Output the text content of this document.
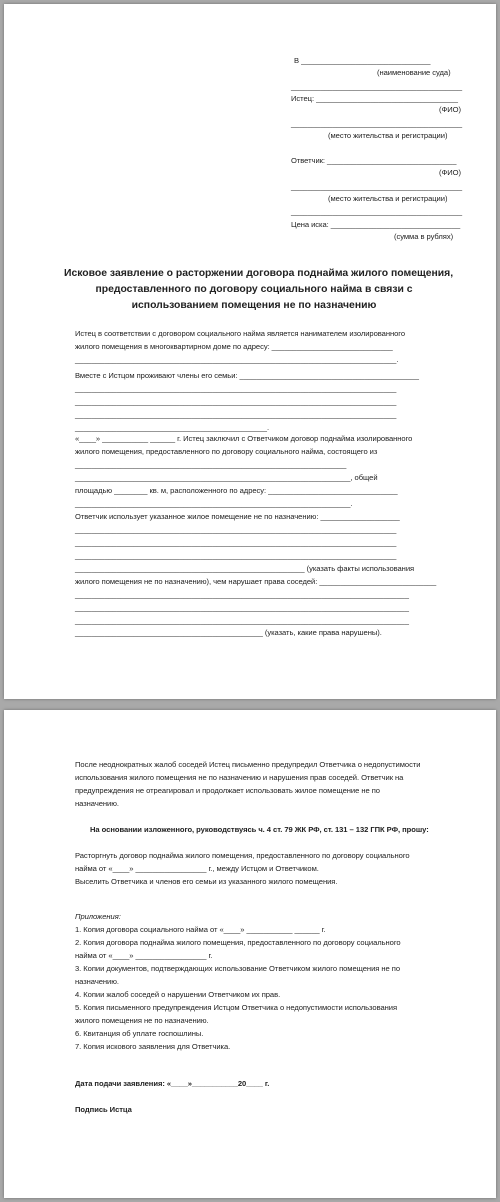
В _______________________________
(наименование суда)
_________________________________________
Истец: __________________________________
(ФИО)
_________________________________________
(место жительства и регистрации)
Ответчик: _______________________________
(ФИО)
_________________________________________
(место жительства и регистрации)
_________________________________________
Цена иска: _______________________________
(сумма в рублях)
Исковое заявление о расторжении договора поднайма жилого помещения,
предоставленного по договору социального найма в связи с
использованием помещения не по назначению
Истец в соответствии с договором социального найма является нанимателем изолированного
жилого помещения в многоквартирном доме по адресу: _____________________________
_____________________________________________________________________________.
Вместе с Истцом проживают члены его семьи: ___________________________________________
_____________________________________________________________________________
_____________________________________________________________________________
_____________________________________________________________________________
______________________________________________.
«____» ___________ ______ г. Истец заключил с Ответчиком договор поднайма изолированного
жилого помещения, предоставленного по договору социального найма, состоящего из
_________________________________________________________________
__________________________________________________________________, общей
площадью ________ кв. м, расположенного по адресу: _______________________________
__________________________________________________________________.
Ответчик использует указанное жилое помещение не по назначению: ___________________
_____________________________________________________________________________
_____________________________________________________________________________
_____________________________________________________________________________
_______________________________________________________ (указать факты использования
жилого помещения не по назначению), чем нарушает права соседей: ____________________________
________________________________________________________________________________
________________________________________________________________________________
________________________________________________________________________________
_____________________________________________ (указать, какие права нарушены).
После неоднократных жалоб соседей Истец письменно предупредил Ответчика о недопустимости
использования жилого помещения не по назначению и нарушения прав соседей. Ответчик на
предупреждения не отреагировал и продолжает использовать жилое помещение не по
назначению.
На основании изложенного, руководствуясь ч. 4 ст. 79 ЖК РФ, ст. 131 – 132 ГПК РФ, прошу:
Расторгнуть договор поднайма жилого помещения, предоставленного по договору социального
найма от «____» _________________ г., между Истцом и Ответчиком.
Выселить Ответчика и членов его семьи из указанного жилого помещения.
Приложения:
1. Копия договора социального найма от «____» ___________ ______ г.
2. Копия договора поднайма жилого помещения, предоставленного по договору социального
найма от «____» _________________ г.
3. Копии документов, подтверждающих использование Ответчиком жилого помещения не по
назначению.
4. Копии жалоб соседей о нарушении Ответчиком их прав.
5. Копия письменного предупреждения Истцом Ответчика о недопустимости использования
жилого помещения не по назначению.
6. Квитанция об уплате госпошлины.
7. Копия искового заявления для Ответчика.
Дата подачи заявления: «____»___________20____ г.
Подпись Истца
